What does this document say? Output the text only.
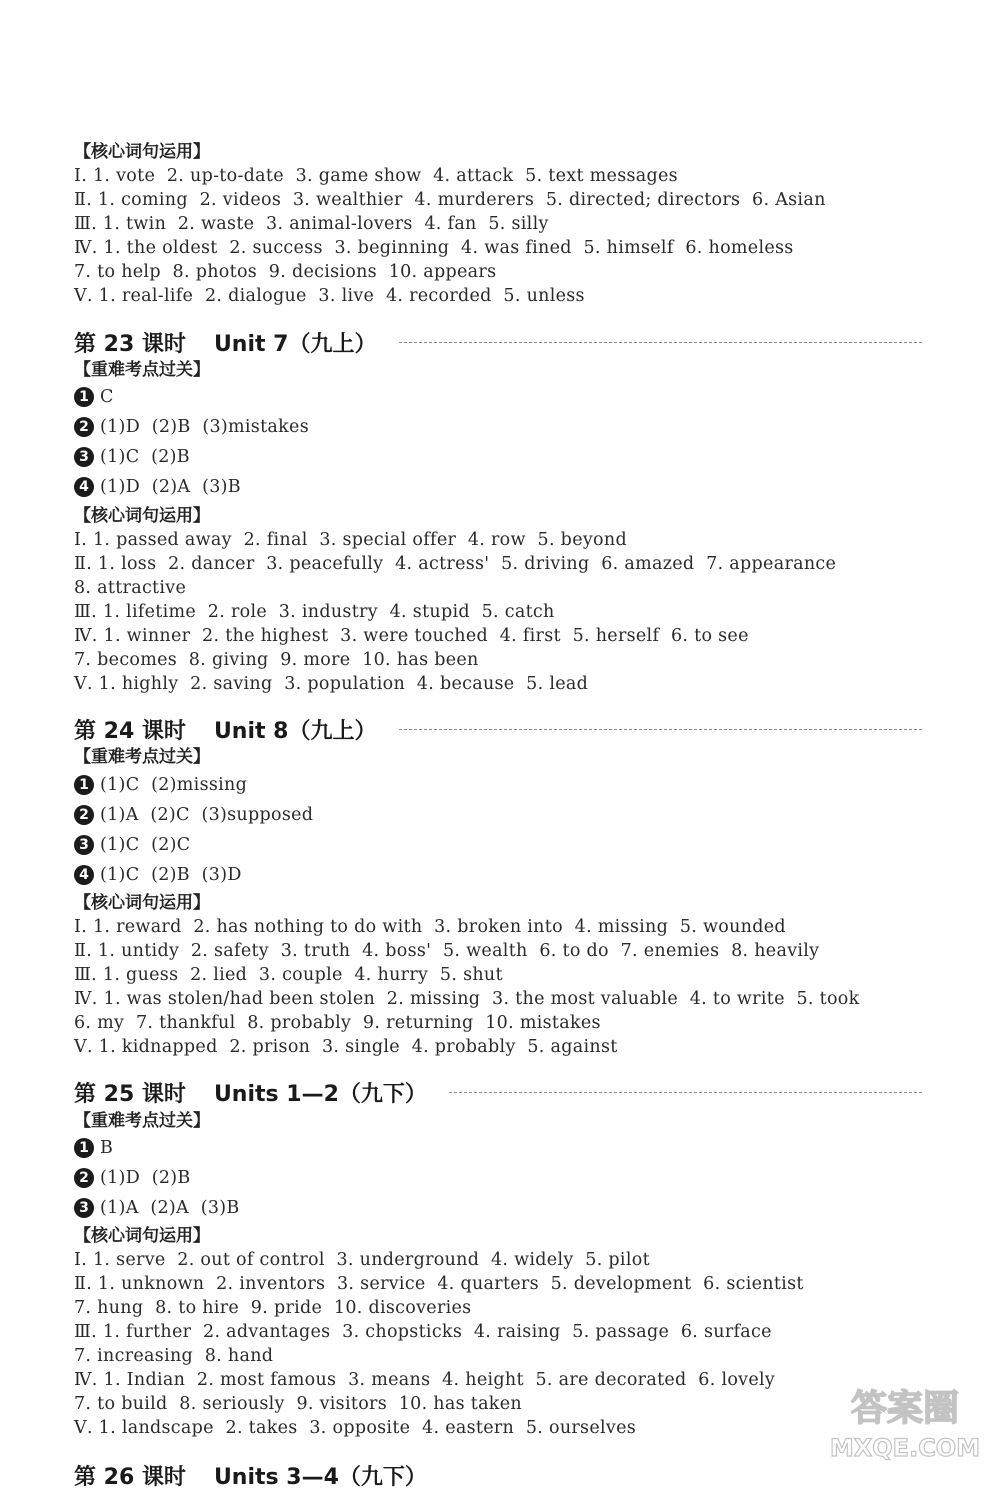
【核心词句运用】
Ⅰ. 1. vote  2. up-to-date  3. game show  4. attack  5. text messages
Ⅱ. 1. coming  2. videos  3. wealthier  4. murderers  5. directed; directors  6. Asian
Ⅲ. 1. twin  2. waste  3. animal-lovers  4. fan  5. silly
Ⅳ. 1. the oldest  2. success  3. beginning  4. was fined  5. himself  6. homeless
7. to help  8. photos  9. decisions  10. appears
Ⅴ. 1. real-life  2. dialogue  3. live  4. recorded  5. unless
第 23 课时 Unit 7（九上）
【重难考点过关】
1 C
2 (1)D  (2)B  (3)mistakes
3 (1)C  (2)B
4 (1)D  (2)A  (3)B
【核心词句运用】
Ⅰ. 1. passed away  2. final  3. special offer  4. row  5. beyond
Ⅱ. 1. loss  2. dancer  3. peacefully  4. actress'  5. driving  6. amazed  7. appearance
8. attractive
Ⅲ. 1. lifetime  2. role  3. industry  4. stupid  5. catch
Ⅳ. 1. winner  2. the highest  3. were touched  4. first  5. herself  6. to see
7. becomes  8. giving  9. more  10. has been
Ⅴ. 1. highly  2. saving  3. population  4. because  5. lead
第 24 课时 Unit 8（九上）
【重难考点过关】
1 (1)C  (2)missing
2 (1)A  (2)C  (3)supposed
3 (1)C  (2)C
4 (1)C  (2)B  (3)D
【核心词句运用】
Ⅰ. 1. reward  2. has nothing to do with  3. broken into  4. missing  5. wounded
Ⅱ. 1. untidy  2. safety  3. truth  4. boss'  5. wealth  6. to do  7. enemies  8. heavily
Ⅲ. 1. guess  2. lied  3. couple  4. hurry  5. shut
Ⅳ. 1. was stolen/had been stolen  2. missing  3. the most valuable  4. to write  5. took
6. my  7. thankful  8. probably  9. returning  10. mistakes
Ⅴ. 1. kidnapped  2. prison  3. single  4. probably  5. against
第 25 课时 Units 1—2（九下）
【重难考点过关】
1 B
2 (1)D  (2)B
3 (1)A  (2)A  (3)B
【核心词句运用】
Ⅰ. 1. serve  2. out of control  3. underground  4. widely  5. pilot
Ⅱ. 1. unknown  2. inventors  3. service  4. quarters  5. development  6. scientist
7. hung  8. to hire  9. pride  10. discoveries
Ⅲ. 1. further  2. advantages  3. chopsticks  4. raising  5. passage  6. surface
7. increasing  8. hand
Ⅳ. 1. Indian  2. most famous  3. means  4. height  5. are decorated  6. lovely
7. to build  8. seriously  9. visitors  10. has taken
Ⅴ. 1. landscape  2. takes  3. opposite  4. eastern  5. ourselves
第 26 课时 Units 3—4（九下）
答案圈
MXQE.COM
